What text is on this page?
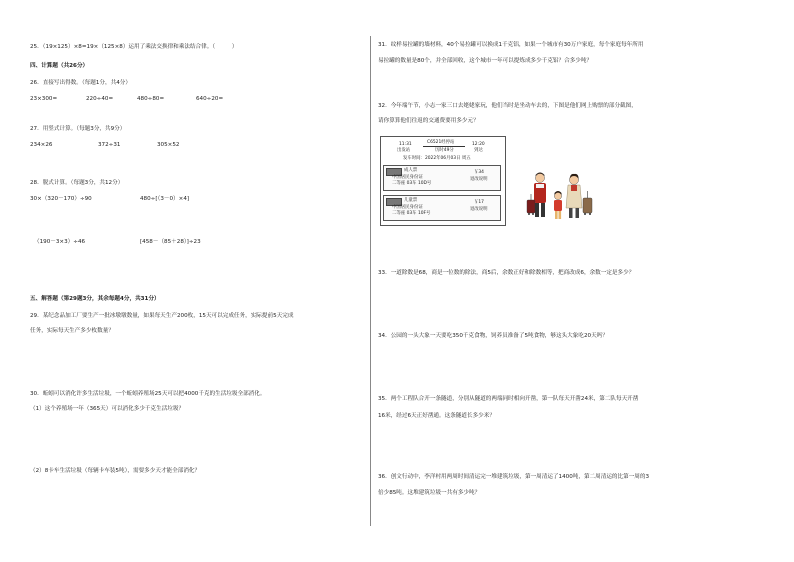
25．（19×125）×8=19×（125×8）运用了乘法交换律和乘法结合律。（　　　）
四、计算题（共26分）
26．直接写出得数。（每题1分，共4分）
23×300=	220÷40=	480÷80=	640÷20=
27．用竖式计算。（每题3分，共9分）
234×26	372÷31	305×52
28．脱式计算。（每题3分，共12分）
30×（320－170）÷90	480÷[（3－0）×4]
（190－3×3）÷46	[458－（85＋28）]÷23
五、解答题（第29题3分，其余每题4分，共31分）
29．某纪念品加工厂要生产一批冰墩墩数量，如果每天生产200枚，15天可以完成任务，实际提前5天完成
任务，实际每天生产多少枚数量？
30．蚯蚓可以消化许多生活垃圾，一个蚯蚓养殖场25天可以把4000千克的生活垃圾全部消化。
（1）这个养殖场一年（365天）可以消化多少千克生活垃圾？
（2）8卡车生活垃圾（每辆卡车装5吨），需要多少天才能全部消化？
31．纹样易拉罐的墙材料，40个易拉罐可以换成1千克铝，如果一个城市有30万户家庭，每个家庭每年所用
易拉罐的数量是80个，并全部回收，这个城市一年可以提炼成多少千克铝？合多少吨？
32．今年端午节，小志一家三口去姥姥家玩，他们当时是坐动车去的，下图是他们网上购票的部分截图，
请你算算他们往返的交通费要用多少元？
11:31
出发站
C6521经停站
历时49分
12:20
到达
发车时间：2022年06月03日 周五
成人票
中国居民身份证
二等座 03车 10D号
￥34
退改说明
儿童票
中国居民身份证
二等座 03车 10F号
￥17
退改说明
33．一道除数是68，商是一位数的除法，商5后，余数正好和除数相等，把商改成6，余数一定是多少？
34．公园的一头大象一天要吃350千克食物，饲养员准备了5吨食物，够这头大象吃20天吗？
35．两个工程队合开一条隧道，分别从隧道的两端同时相向开凿，第一队每天开凿24米，第二队每天开凿
16米，经过6天正好凿通。这条隧道长多少米？
36．创文行动中，李洋村用两周时间清运完一堆建筑垃圾，第一周清运了1400吨，第二周清运的比第一周的3
倍少85吨。这堆建筑垃圾一共有多少吨？
